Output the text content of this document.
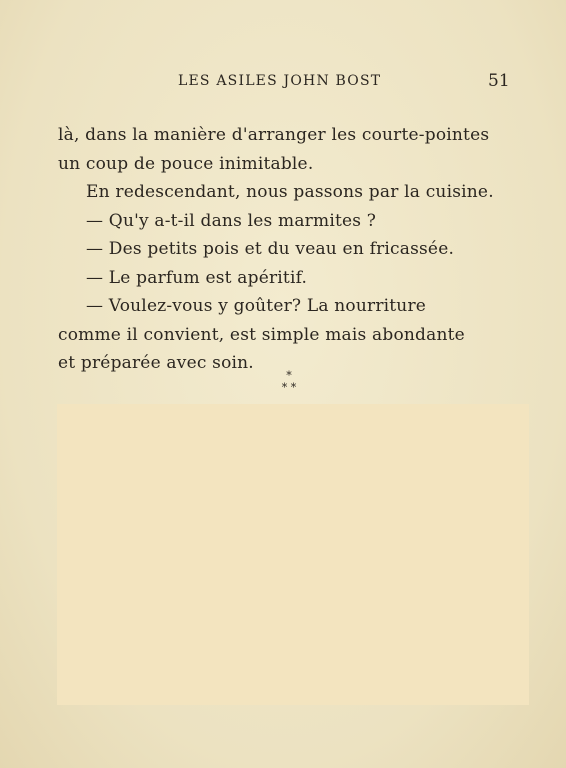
LES ASILES JOHN BOST	51
là, dans la manière d'arranger les courte-pointes
un coup de pouce inimitable.
En redescendant, nous passons par la cuisine.
— Qu'y a-t-il dans les marmites ?
— Des petits pois et du veau en fricassée.
— Le parfum est apéritif.
— Voulez-vous y goûter? La nourriture
comme il convient, est simple mais abondante
et préparée avec soin.
*
* *
